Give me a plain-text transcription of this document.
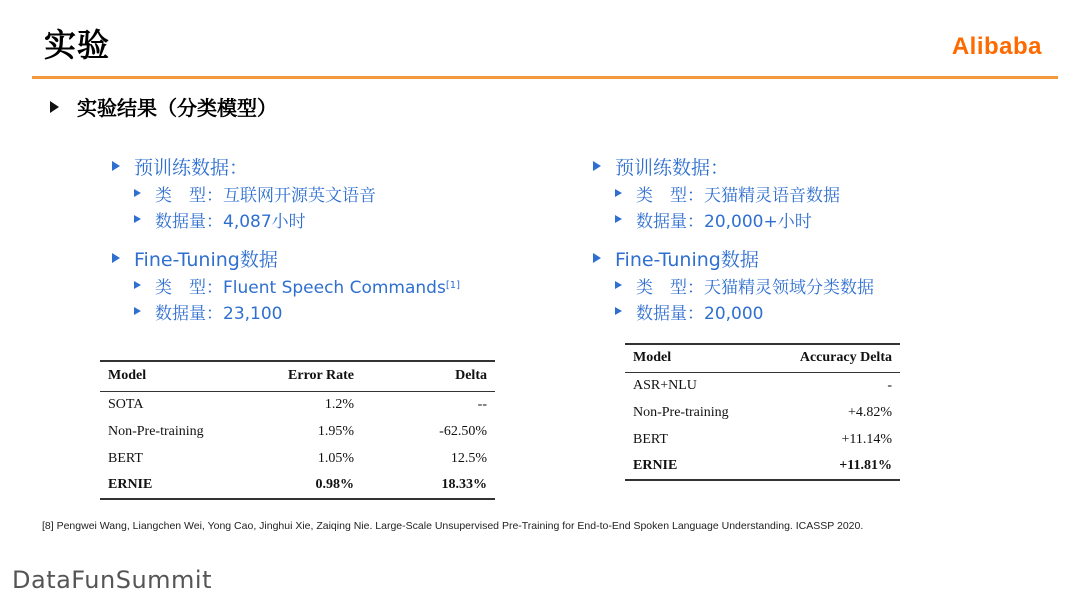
实验	Alibaba
实验结果（分类模型）
预训练数据：
类　型：互联网开源英文语音
数据量：4,087小时
Fine-Tuning数据
类　型：Fluent Speech Commands [1]
数据量：23,100
预训练数据：
类　型：天猫精灵语音数据
数据量：20,000+小时
Fine-Tuning数据
类　型：天猫精灵领域分类数据
数据量：20,000
Model	Error Rate	Delta
SOTA	1.2%	--
Non-Pre-training	1.95%	-62.50%
BERT	1.05%	12.5%
ERNIE	0.98%	18.33%
Model	Accuracy Delta
ASR+NLU	-
Non-Pre-training	+4.82%
BERT	+11.14%
ERNIE	+11.81%
[8] Pengwei Wang, Liangchen Wei, Yong Cao, Jinghui Xie, Zaiqing Nie. Large-Scale Unsupervised Pre-Training for End-to-End Spoken Language Understanding. ICASSP 2020.
DataFunSummit
